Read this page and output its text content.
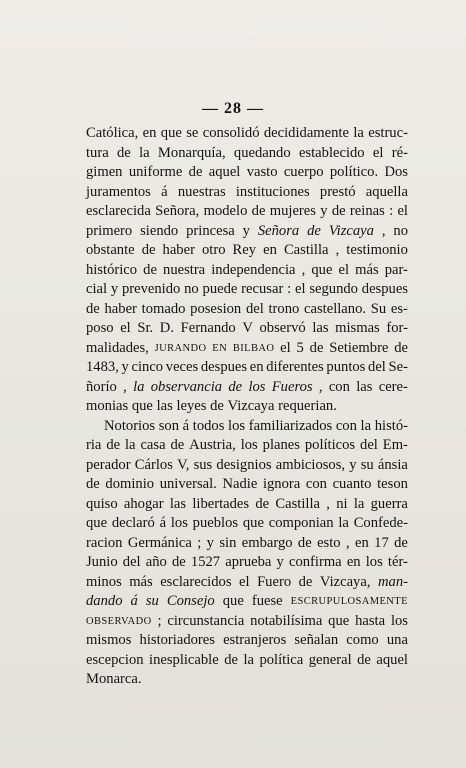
— 28 —
Católica, en que se consolidó decididamente la estruc-
tura de la Monarquía, quedando establecido el ré-
gimen uniforme de aquel vasto cuerpo político. Dos
juramentos á nuestras instituciones prestó aquella
esclarecida Señora, modelo de mujeres y de reinas : el
primero siendo princesa y Señora de Vizcaya , no
obstante de haber otro Rey en Castilla , testimonio
histórico de nuestra independencia , que el más par-
cial y prevenido no puede recusar : el segundo despues
de haber tomado posesion del trono castellano. Su es-
poso el Sr. D. Fernando V observó las mismas for-
malidades, JURANDO EN BILBAO el 5 de Setiembre de
1483, y cinco veces despues en diferentes puntos del Se-
ñorío , la observancia de los Fueros , con las cere-
monias
que
las
leyes
de
Vizcaya
requerian.
Notorios son á todos los familiarizados con la histó-
ria de la casa de Austria, los planes políticos del Em-
perador Cárlos V, sus designios ambiciosos, y su ánsia
de dominio universal. Nadie ignora con cuanto teson
quiso ahogar las libertades de Castilla , ni la guerra
que declaró á los pueblos que componian la Confede-
racion Germánica ; y sin embargo de esto , en 17 de
Junio del año de 1527 aprueba y confirma en los tér-
minos más esclarecidos el Fuero de Vizcaya, man-
dando á su Consejo que fuese ESCRUPULOSAMENTE
OBSERVADO ; circunstancia notabilísima que hasta los
mismos historiadores estranjeros señalan como una
escepcion inesplicable de la política general de aquel
Monarca.
